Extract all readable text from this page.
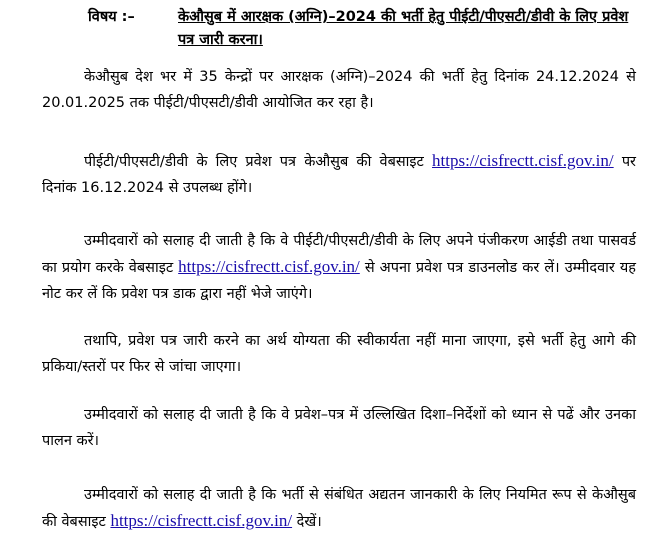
विषय :–	केऔसुब में आरक्षक (अग्नि)–2024 की भर्ती हेतु पीईटी/पीएसटी/डीवी के लिए प्रवेश पत्र जारी करना।

केऔसुब देश भर में 35 केन्द्रों पर आरक्षक (अग्नि)–2024 की भर्ती हेतु दिनांक 24.12.2024 से 20.01.2025 तक पीईटी/पीएसटी/डीवी आयोजित कर रहा है।

पीईटी/पीएसटी/डीवी के लिए प्रवेश पत्र केऔसुब की वेबसाइट https://cisfrectt.cisf.gov.in/ पर दिनांक 16.12.2024 से उपलब्ध होंगे।

उम्मीदवारों को सलाह दी जाती है कि वे पीईटी/पीएसटी/डीवी के लिए अपने पंजीकरण आईडी तथा पासवर्ड का प्रयोग करके वेबसाइट https://cisfrectt.cisf.gov.in/ से अपना प्रवेश पत्र डाउनलोड कर लें। उम्मीदवार यह नोट कर लें कि प्रवेश पत्र डाक द्वारा नहीं भेजे जाएंगे।

तथापि, प्रवेश पत्र जारी करने का अर्थ योग्यता की स्वीकार्यता नहीं माना जाएगा, इसे भर्ती हेतु आगे की प्रकिया/स्तरों पर फिर से जांचा जाएगा।

उम्मीदवारों को सलाह दी जाती है कि वे प्रवेश–पत्र में उल्लिखित दिशा–निर्देशों को ध्यान से पढें और उनका पालन करें।

उम्मीदवारों को सलाह दी जाती है कि भर्ती से संबंधित अद्यतन जानकारी के लिए नियमित रूप से केऔसुब की वेबसाइट https://cisfrectt.cisf.gov.in/ देखें।
